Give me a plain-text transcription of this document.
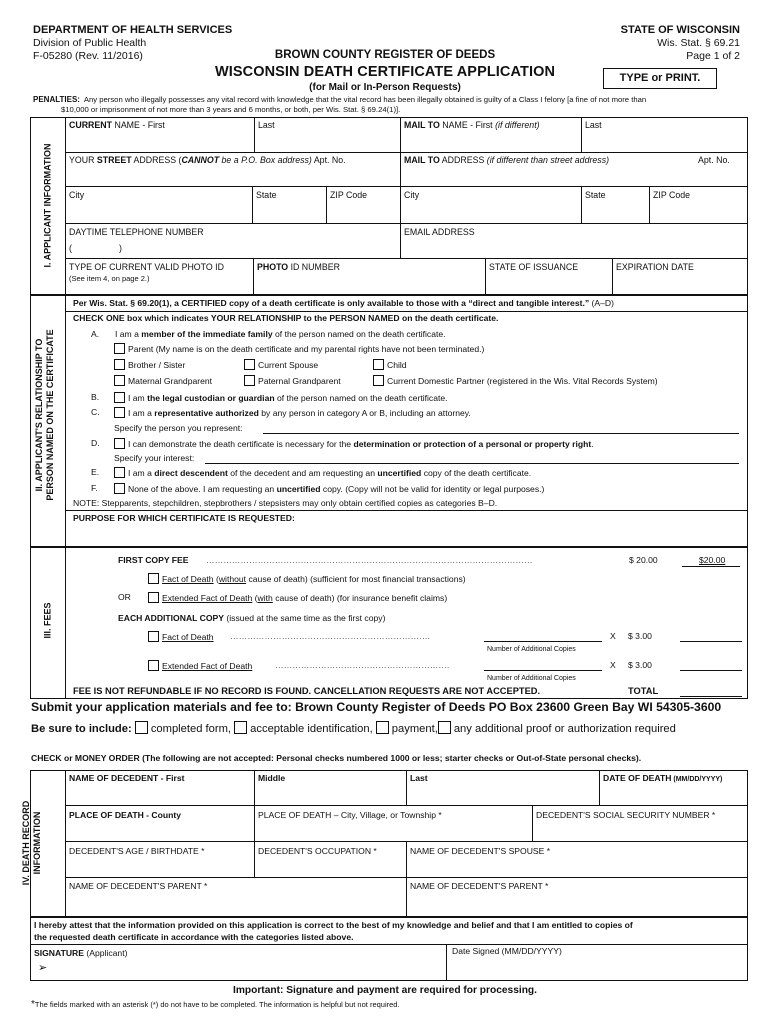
DEPARTMENT OF HEALTH SERVICES
Division of Public Health
F-05280 (Rev. 11/2016)
STATE OF WISCONSIN
Wis. Stat. § 69.21
Page 1 of 2
BROWN COUNTY REGISTER OF DEEDS
WISCONSIN DEATH CERTIFICATE APPLICATION
(for Mail or In-Person Requests)
TYPE or PRINT.
PENALTIES: Any person who illegally possesses any vital record with knowledge that the vital record has been illegally obtained is guilty of a Class I felony [a fine of not more than
$10,000 or imprisonment of not more than 3 years and 6 months, or both, per Wis. Stat. § 69.24(1)].
I. APPLICANT INFORMATION
CURRENT NAME - First	Last	MAIL TO NAME - First (if different)	Last
YOUR STREET ADDRESS (CANNOT be a P.O. Box address) Apt. No.	MAIL TO ADDRESS (if different than street address)	Apt. No.
City	State	ZIP Code	City	State	ZIP Code
DAYTIME TELEPHONE NUMBER
(	)
EMAIL ADDRESS
TYPE OF CURRENT VALID PHOTO ID
(See item 4, on page 2.)
PHOTO ID NUMBER	STATE OF ISSUANCE	EXPIRATION DATE
II. APPLICANT'S RELATIONSHIP TO
PERSON NAMED ON THE CERTIFICATE
Per Wis. Stat. § 69.20(1), a CERTIFIED copy of a death certificate is only available to those with a “direct and tangible interest.” (A–D)
CHECK ONE box which indicates YOUR RELATIONSHIP to the PERSON NAMED on the death certificate.
A. I am a member of the immediate family of the person named on the death certificate.
Parent (My name is on the death certificate and my parental rights have not been terminated.)
Brother / Sister	Current Spouse	Child
Maternal Grandparent	Paternal Grandparent	Current Domestic Partner (registered in the Wis. Vital Records System)
B.	I am the legal custodian or guardian of the person named on the death certificate.
C.	I am a representative authorized by any person in category A or B, including an attorney.
Specify the person you represent:
D.	I can demonstrate the death certificate is necessary for the determination or protection of a personal or property right.
Specify your interest:
E.	I am a direct descendent of the decedent and am requesting an uncertified copy of the death certificate.
F.	None of the above. I am requesting an uncertified copy. (Copy will not be valid for identity or legal purposes.)
NOTE: Stepparents, stepchildren, stepbrothers / stepsisters may only obtain certified copies as categories B–D.
PURPOSE FOR WHICH CERTIFICATE IS REQUESTED:
III. FEES
FIRST COPY FEE ……………………………………………………………………………………………………	$ 20.00	$20.00
Fact of Death (without cause of death) (sufficient for most financial transactions)
OR	Extended Fact of Death (with cause of death) (for insurance benefit claims)
EACH ADDITIONAL COPY (issued at the same time as the first copy)
Fact of Death …………………………………………………………….	X $ 3.00
Number of Additional Copies
Extended Fact of Death	…………………………………………………….	X $ 3.00
Number of Additional Copies
FEE IS NOT REFUNDABLE IF NO RECORD IS FOUND. CANCELLATION REQUESTS ARE NOT ACCEPTED.	TOTAL
Submit your application materials and fee to: Brown County Register of Deeds PO Box 23600 Green Bay WI 54305-3600
Be sure to include: completed form, acceptable identification, payment, any additional proof or authorization required
CHECK or MONEY ORDER (The following are not accepted: Personal checks numbered 1000 or less; starter checks or Out-of-State personal checks).
IV. DEATH RECORD
INFORMATION
NAME OF DECEDENT - First	Middle	Last	DATE OF DEATH (MM/DD/YYYY)
PLACE OF DEATH - County	PLACE OF DEATH – City, Village, or Township *	DECEDENT'S SOCIAL SECURITY NUMBER *
DECEDENT'S AGE / BIRTHDATE *	DECEDENT'S OCCUPATION *	NAME OF DECEDENT'S SPOUSE *
NAME OF DECEDENT'S PARENT *	NAME OF DECEDENT'S PARENT *
I hereby attest that the information provided on this application is correct to the best of my knowledge and belief and that I am entitled to copies of
the requested death certificate in accordance with the categories listed above.
SIGNATURE (Applicant)
➢
Date Signed (MM/DD/YYYY)
Important: Signature and payment are required for processing.
*The fields marked with an asterisk (*) do not have to be completed. The information is helpful but not required.
